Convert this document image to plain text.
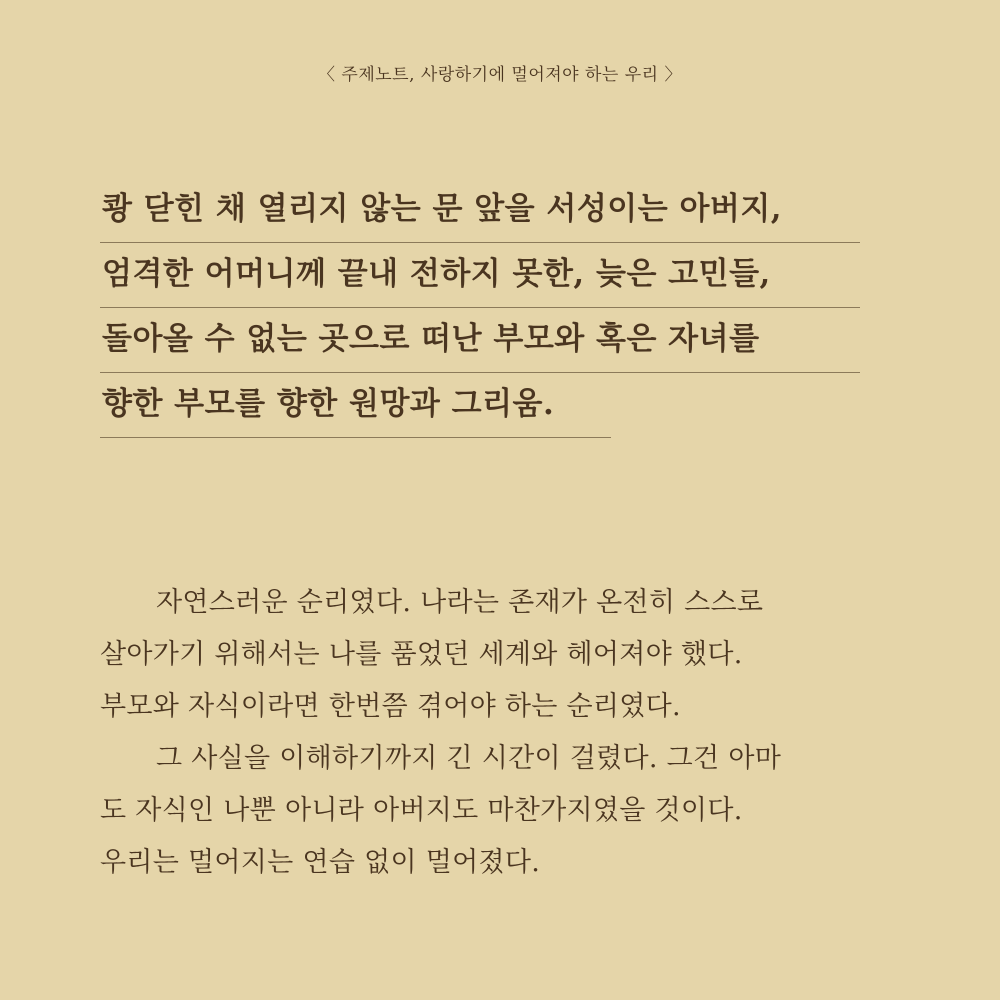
〈 주제노트, 사랑하기에 멀어져야 하는 우리 〉
쾅 닫힌 채 열리지 않는 문 앞을 서성이는 아버지,
엄격한 어머니께 끝내 전하지 못한, 늦은 고민들,
돌아올 수 없는 곳으로 떠난 부모와 혹은 자녀를
향한 부모를 향한 원망과 그리움.

자연스러운 순리였다. 나라는 존재가 온전히 스스로
살아가기 위해서는 나를 품었던 세계와 헤어져야 했다.
부모와 자식이라면 한번쯤 겪어야 하는 순리였다.

그 사실을 이해하기까지 긴 시간이 걸렸다. 그건 아마
도 자식인 나뿐 아니라 아버지도 마찬가지였을 것이다.
우리는 멀어지는 연습 없이 멀어졌다.
